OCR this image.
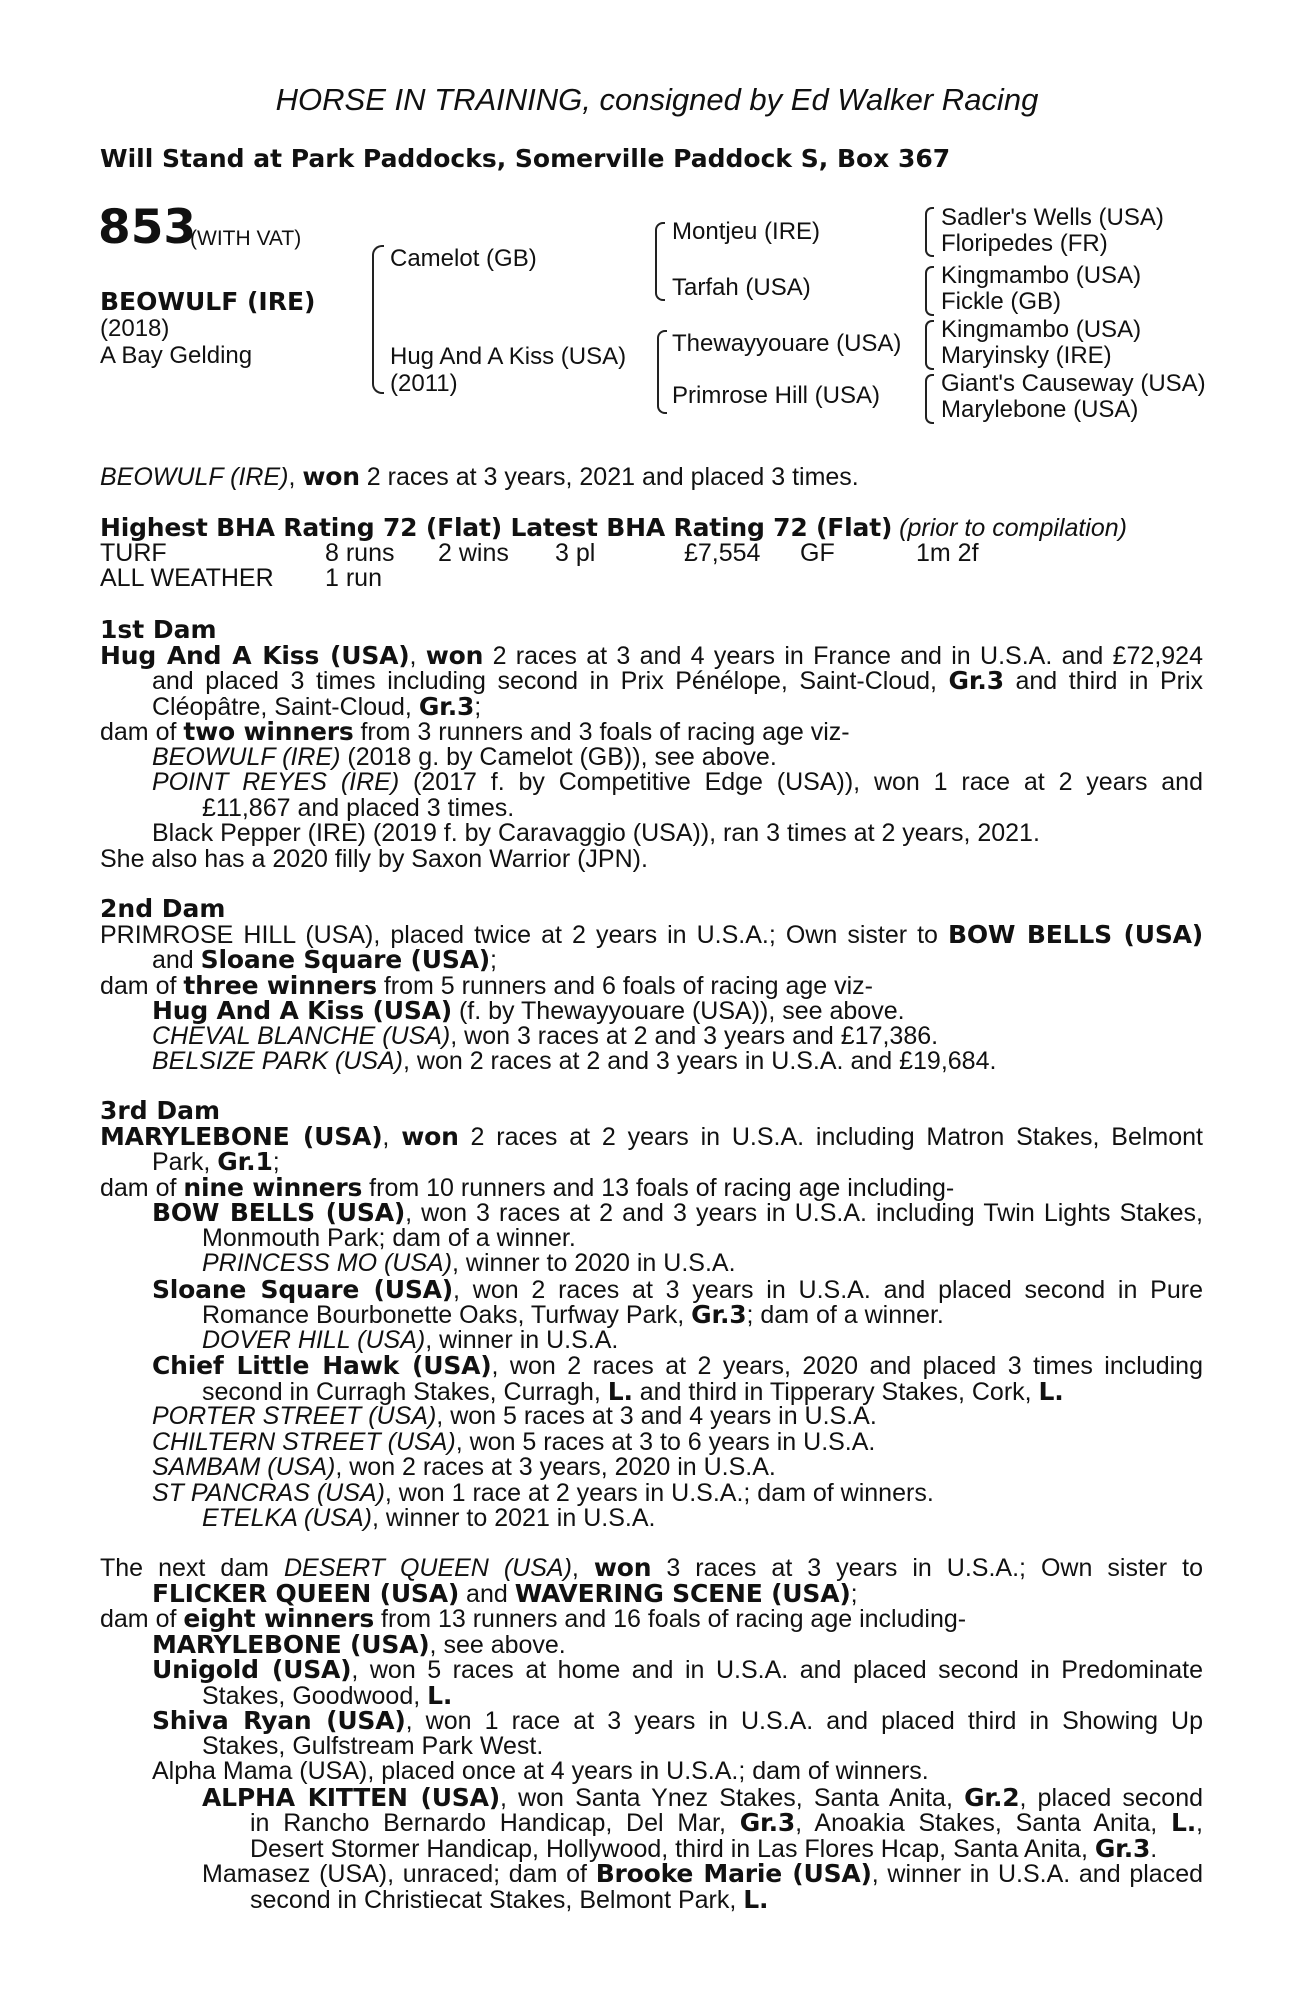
HORSE IN TRAINING, consigned by Ed Walker Racing
Will Stand at Park Paddocks, Somerville Paddock S, Box 367
853
(WITH VAT)
BEOWULF (IRE)
(2018)
A Bay Gelding
Camelot (GB)
Hug And A Kiss (USA)
(2011)
Montjeu (IRE)
Tarfah (USA)
Thewayyouare (USA)
Primrose Hill (USA)
Sadler's Wells (USA)
Floripedes (FR)
Kingmambo (USA)
Fickle (GB)
Kingmambo (USA)
Maryinsky (IRE)
Giant's Causeway (USA)
Marylebone (USA)
BEOWULF (IRE), won 2 races at 3 years, 2021 and placed 3 times.
Highest BHA Rating 72 (Flat) Latest BHA Rating 72 (Flat) (prior to compilation)
TURF	8 runs 2 wins 3 pl	£7,554 GF	1m 2f
ALL WEATHER 1 run
1st Dam
Hug And A Kiss (USA), won 2 races at 3 and 4 years in France and in U.S.A. and £72,924
and placed 3 times including second in Prix Pénélope, Saint-Cloud, Gr.3 and third in Prix
Cléopâtre, Saint-Cloud, Gr.3;
dam of two winners from 3 runners and 3 foals of racing age viz-
BEOWULF (IRE) (2018 g. by Camelot (GB)), see above.
POINT REYES (IRE) (2017 f. by Competitive Edge (USA)), won 1 race at 2 years and
£11,867 and placed 3 times.
Black Pepper (IRE) (2019 f. by Caravaggio (USA)), ran 3 times at 2 years, 2021.
She also has a 2020 filly by Saxon Warrior (JPN).
2nd Dam
PRIMROSE HILL (USA), placed twice at 2 years in U.S.A.; Own sister to BOW BELLS (USA)
and Sloane Square (USA);
dam of three winners from 5 runners and 6 foals of racing age viz-
Hug And A Kiss (USA) (f. by Thewayyouare (USA)), see above.
CHEVAL BLANCHE (USA), won 3 races at 2 and 3 years and £17,386.
BELSIZE PARK (USA), won 2 races at 2 and 3 years in U.S.A. and £19,684.
3rd Dam
MARYLEBONE (USA), won 2 races at 2 years in U.S.A. including Matron Stakes, Belmont
Park, Gr.1;
dam of nine winners from 10 runners and 13 foals of racing age including-
BOW BELLS (USA), won 3 races at 2 and 3 years in U.S.A. including Twin Lights Stakes,
Monmouth Park; dam of a winner.
PRINCESS MO (USA), winner to 2020 in U.S.A.
Sloane Square (USA), won 2 races at 3 years in U.S.A. and placed second in Pure
Romance Bourbonette Oaks, Turfway Park, Gr.3; dam of a winner.
DOVER HILL (USA), winner in U.S.A.
Chief Little Hawk (USA), won 2 races at 2 years, 2020 and placed 3 times including
second in Curragh Stakes, Curragh, L. and third in Tipperary Stakes, Cork, L.
PORTER STREET (USA), won 5 races at 3 and 4 years in U.S.A.
CHILTERN STREET (USA), won 5 races at 3 to 6 years in U.S.A.
SAMBAM (USA), won 2 races at 3 years, 2020 in U.S.A.
ST PANCRAS (USA), won 1 race at 2 years in U.S.A.; dam of winners.
ETELKA (USA), winner to 2021 in U.S.A.
The next dam DESERT QUEEN (USA), won 3 races at 3 years in U.S.A.; Own sister to
FLICKER QUEEN (USA) and WAVERING SCENE (USA);
dam of eight winners from 13 runners and 16 foals of racing age including-
MARYLEBONE (USA), see above.
Unigold (USA), won 5 races at home and in U.S.A. and placed second in Predominate
Stakes, Goodwood, L.
Shiva Ryan (USA), won 1 race at 3 years in U.S.A. and placed third in Showing Up
Stakes, Gulfstream Park West.
Alpha Mama (USA), placed once at 4 years in U.S.A.; dam of winners.
ALPHA KITTEN (USA), won Santa Ynez Stakes, Santa Anita, Gr.2, placed second
in Rancho Bernardo Handicap, Del Mar, Gr.3, Anoakia Stakes, Santa Anita, L.,
Desert Stormer Handicap, Hollywood, third in Las Flores Hcap, Santa Anita, Gr.3.
Mamasez (USA), unraced; dam of Brooke Marie (USA), winner in U.S.A. and placed
second in Christiecat Stakes, Belmont Park, L.
